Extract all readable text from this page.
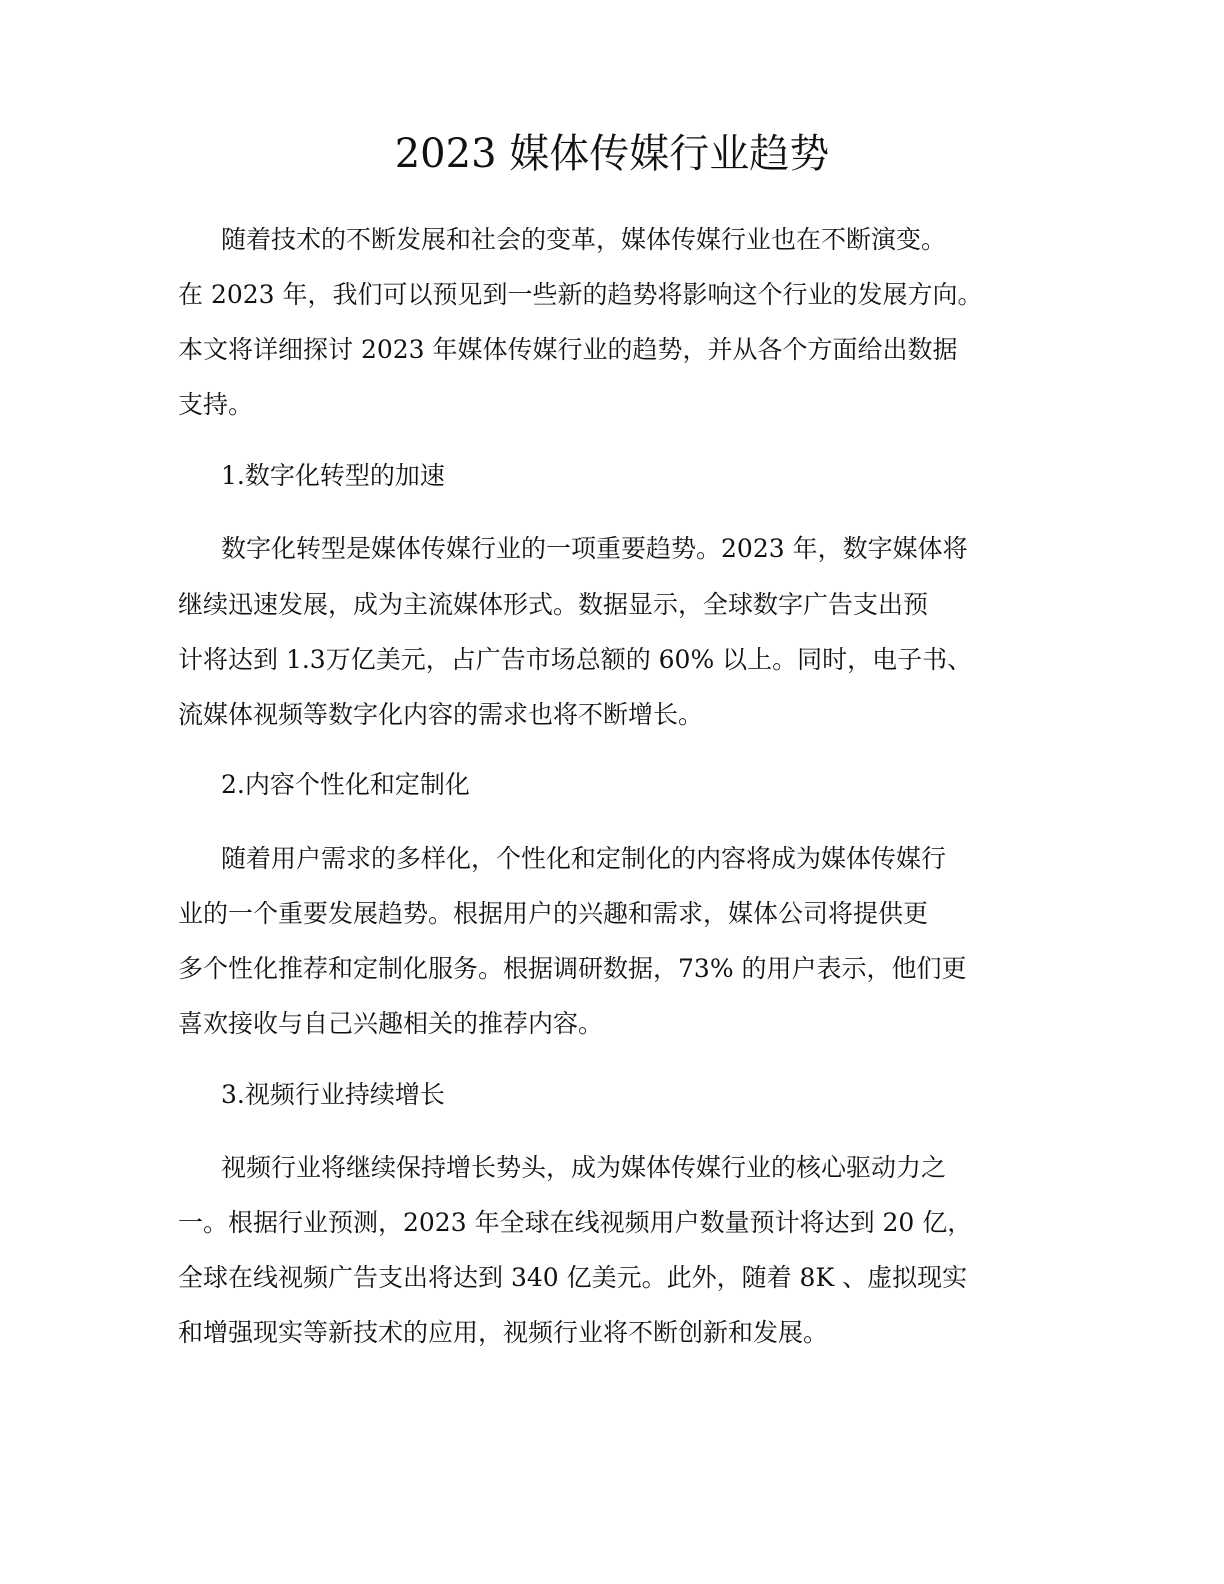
2023 媒体传媒行业趋势

随着技术的不断发展和社会的变革，媒体传媒行业也在不断演变。

在 2023 年，我们可以预见到一些新的趋势将影响这个行业的发展方向。

本文将详细探讨 2023 年媒体传媒行业的趋势，并从各个方面给出数据

支持。

1.数字化转型的加速

数字化转型是媒体传媒行业的一项重要趋势。2023 年，数字媒体将

继续迅速发展，成为主流媒体形式。数据显示，全球数字广告支出预

计将达到 1.3万亿美元，占广告市场总额的 60% 以上。同时，电子书、

流媒体视频等数字化内容的需求也将不断增长。

2.内容个性化和定制化

随着用户需求的多样化，个性化和定制化的内容将成为媒体传媒行

业的一个重要发展趋势。根据用户的兴趣和需求，媒体公司将提供更

多个性化推荐和定制化服务。根据调研数据，73% 的用户表示，他们更

喜欢接收与自己兴趣相关的推荐内容。

3.视频行业持续增长

视频行业将继续保持增长势头，成为媒体传媒行业的核心驱动力之

一。根据行业预测，2023 年全球在线视频用户数量预计将达到 20 亿，

全球在线视频广告支出将达到 340 亿美元。此外，随着 8K 、虚拟现实

和增强现实等新技术的应用，视频行业将不断创新和发展。
